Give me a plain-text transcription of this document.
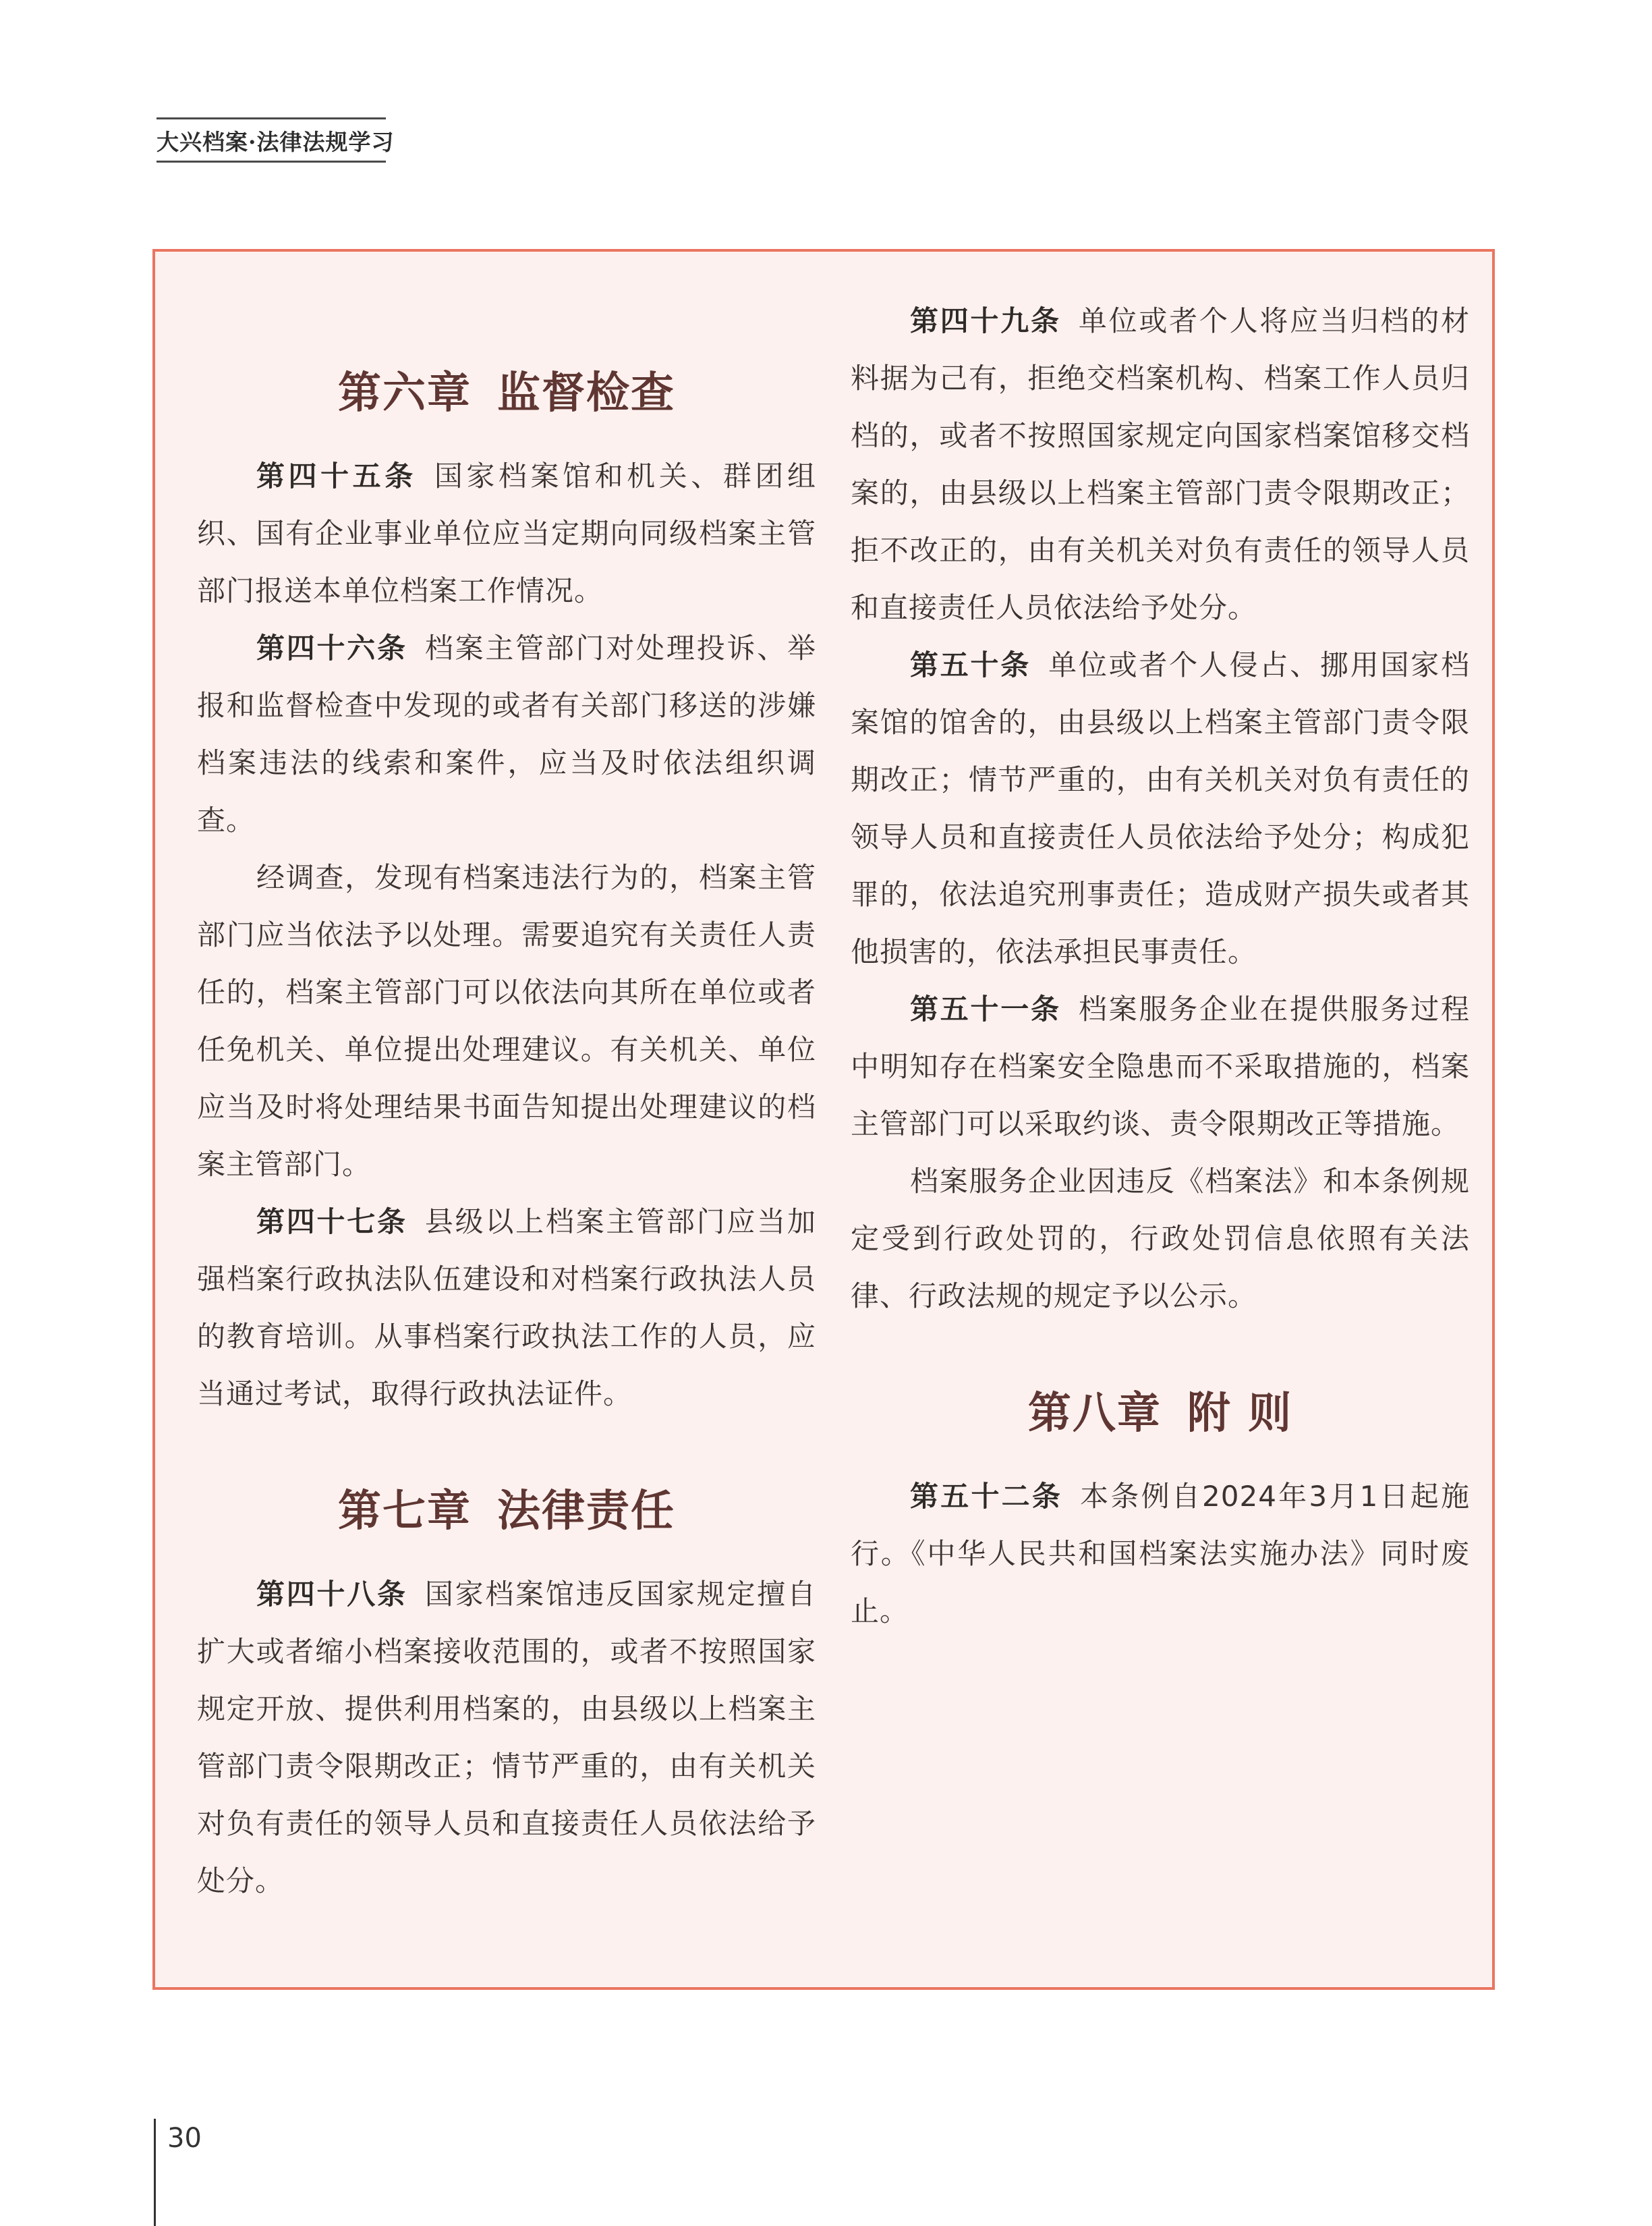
大兴档案·法律法规学习
第六章 监督检查

第四十五条 国家档案馆和机关、群团组织、国有企业事业单位应当定期向同级档案主管部门报送本单位档案工作情况。

第四十六条 档案主管部门对处理投诉、举报和监督检查中发现的或者有关部门移送的涉嫌档案违法的线索和案件，应当及时依法组织调查。

经调查，发现有档案违法行为的，档案主管部门应当依法予以处理。需要追究有关责任人责任的，档案主管部门可以依法向其所在单位或者任免机关、单位提出处理建议。有关机关、单位应当及时将处理结果书面告知提出处理建议的档案主管部门。

第四十七条 县级以上档案主管部门应当加强档案行政执法队伍建设和对档案行政执法人员的教育培训。从事档案行政执法工作的人员，应当通过考试，取得行政执法证件。

第七章 法律责任

第四十八条 国家档案馆违反国家规定擅自扩大或者缩小档案接收范围的，或者不按照国家规定开放、提供利用档案的，由县级以上档案主管部门责令限期改正；情节严重的，由有关机关对负有责任的领导人员和直接责任人员依法给予处分。

第四十九条 单位或者个人将应当归档的材料据为己有，拒绝交档案机构、档案工作人员归档的，或者不按照国家规定向国家档案馆移交档案的，由县级以上档案主管部门责令限期改正；拒不改正的，由有关机关对负有责任的领导人员和直接责任人员依法给予处分。

第五十条 单位或者个人侵占、挪用国家档案馆的馆舍的，由县级以上档案主管部门责令限期改正；情节严重的，由有关机关对负有责任的领导人员和直接责任人员依法给予处分；构成犯罪的，依法追究刑事责任；造成财产损失或者其他损害的，依法承担民事责任。

第五十一条 档案服务企业在提供服务过程中明知存在档案安全隐患而不采取措施的，档案主管部门可以采取约谈、责令限期改正等措施。

档案服务企业因违反《档案法》和本条例规定受到行政处罚的，行政处罚信息依照有关法律、行政法规的规定予以公示。

第八章 附 则

第五十二条 本条例自2024年3月1日起施行。《中华人民共和国档案法实施办法》同时废止。

30
